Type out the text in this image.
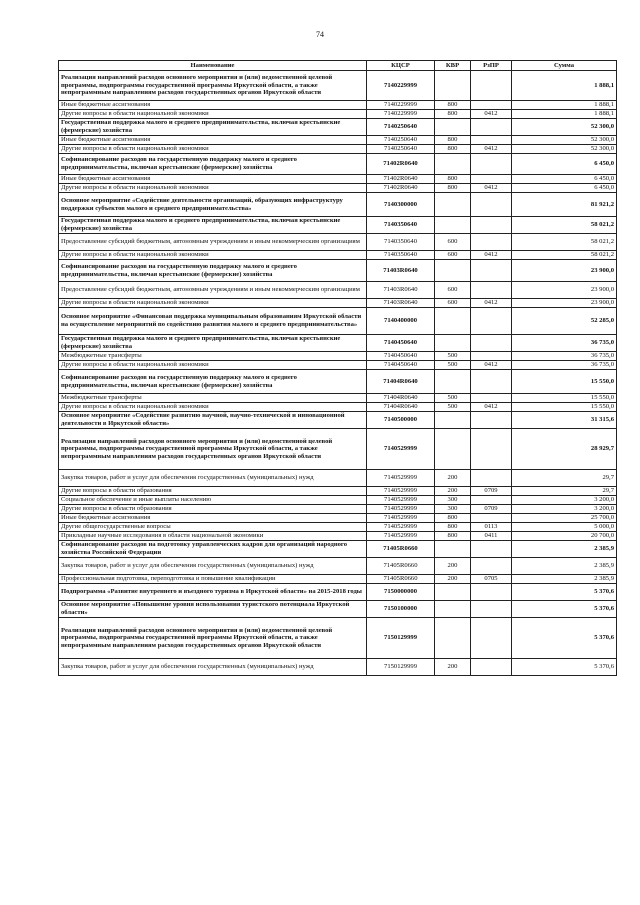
74
Наименование	КЦСР	КВР	РзПР	Сумма
Реализация направлений расходов основного мероприятия и (или) ведомственной целевой программы, подпрограммы государственной программы Иркутской области, а также непрограммным направлениям расходов государственных органов Иркутской области	7140229999			1 888,1
Иные бюджетные ассигнования	7140229999	800		1 888,1
Другие вопросы в области национальной экономики	7140229999	800	0412	1 888,1
Государственная поддержка малого и среднего предпринимательства, включая крестьянские (фермерские) хозяйства	7140250640			52 300,0
Иные бюджетные ассигнования	7140250640	800		52 300,0
Другие вопросы в области национальной экономики	7140250640	800	0412	52 300,0
Софинансирование расходов на государственную поддержку малого и среднего предпринимательства, включая крестьянские (фермерские) хозяйства	71402R0640			6 450,0
Иные бюджетные ассигнования	71402R0640	800		6 450,0
Другие вопросы в области национальной экономики	71402R0640	800	0412	6 450,0
Основное мероприятие «Содействие деятельности организаций, образующих инфраструктуру поддержки субъектов малого и среднего предпринимательства»	7140300000			81 921,2
Государственная поддержка малого и среднего предпринимательства, включая крестьянские (фермерские) хозяйства	7140350640			58 021,2
Предоставление субсидий бюджетным, автономным учреждениям и иным некоммерческим организациям	7140350640	600		58 021,2
Другие вопросы в области национальной экономики	7140350640	600	0412	58 021,2
Софинансирование расходов на государственную поддержку малого и среднего предпринимательства, включая крестьянские (фермерские) хозяйства	71403R0640			23 900,0
Предоставление субсидий бюджетным, автономным учреждениям и иным некоммерческим организациям	71403R0640	600		23 900,0
Другие вопросы в области национальной экономики	71403R0640	600	0412	23 900,0
Основное мероприятие «Финансовая поддержка муниципальным образованиям Иркутской области на осуществление мероприятий по содействию развития малого и среднего предпринимательства»	7140400000			52 285,0
Государственная поддержка малого и среднего предпринимательства, включая крестьянские (фермерские) хозяйства	7140450640			36 735,0
Межбюджетные трансферты	7140450640	500		36 735,0
Другие вопросы в области национальной экономики	7140450640	500	0412	36 735,0
Софинансирование расходов на государственную поддержку малого и среднего предпринимательства, включая крестьянские (фермерские) хозяйства	71404R0640			15 550,0
Межбюджетные трансферты	71404R0640	500		15 550,0
Другие вопросы в области национальной экономики	71404R0640	500	0412	15 550,0
Основное мероприятие «Содействие развитию научной, научно-технической и инновационной деятельности в Иркутской области»	7140500000			31 315,6
Реализация направлений расходов основного мероприятия и (или) ведомственной целевой программы, подпрограммы государственной программы Иркутской области, а также непрограммным направлениям расходов государственных органов Иркутской области	7140529999			28 929,7
Закупка товаров, работ и услуг для обеспечения государственных (муниципальных) нужд	7140529999	200		29,7
Другие вопросы в области образования	7140529999	200	0709	29,7
Социальное обеспечение и иные выплаты населению	7140529999	300		3 200,0
Другие вопросы в области образования	7140529999	300	0709	3 200,0
Иные бюджетные ассигнования	7140529999	800		25 700,0
Другие общегосударственные вопросы	7140529999	800	0113	5 000,0
Прикладные научные исследования в области национальной экономики	7140529999	800	0411	20 700,0
Софинансирование расходов на подготовку управленческих кадров для организаций народного хозяйства Российской Федерации	71405R0660			2 385,9
Закупка товаров, работ и услуг для обеспечения государственных (муниципальных) нужд	71405R0660	200		2 385,9
Профессиональная подготовка, переподготовка и повышение квалификации	71405R0660	200	0705	2 385,9
Подпрограмма «Развитие внутреннего и въездного туризма в Иркутской области» на 2015-2018 годы	7150000000			5 370,6
Основное мероприятие «Повышение уровня использования туристского потенциала Иркутской области»	7150100000			5 370,6
Реализация направлений расходов основного мероприятия и (или) ведомственной целевой программы, подпрограммы государственной программы Иркутской области, а также непрограммным направлениям расходов государственных органов Иркутской области	7150129999			5 370,6
Закупка товаров, работ и услуг для обеспечения государственных (муниципальных) нужд	7150129999	200		5 370,6
